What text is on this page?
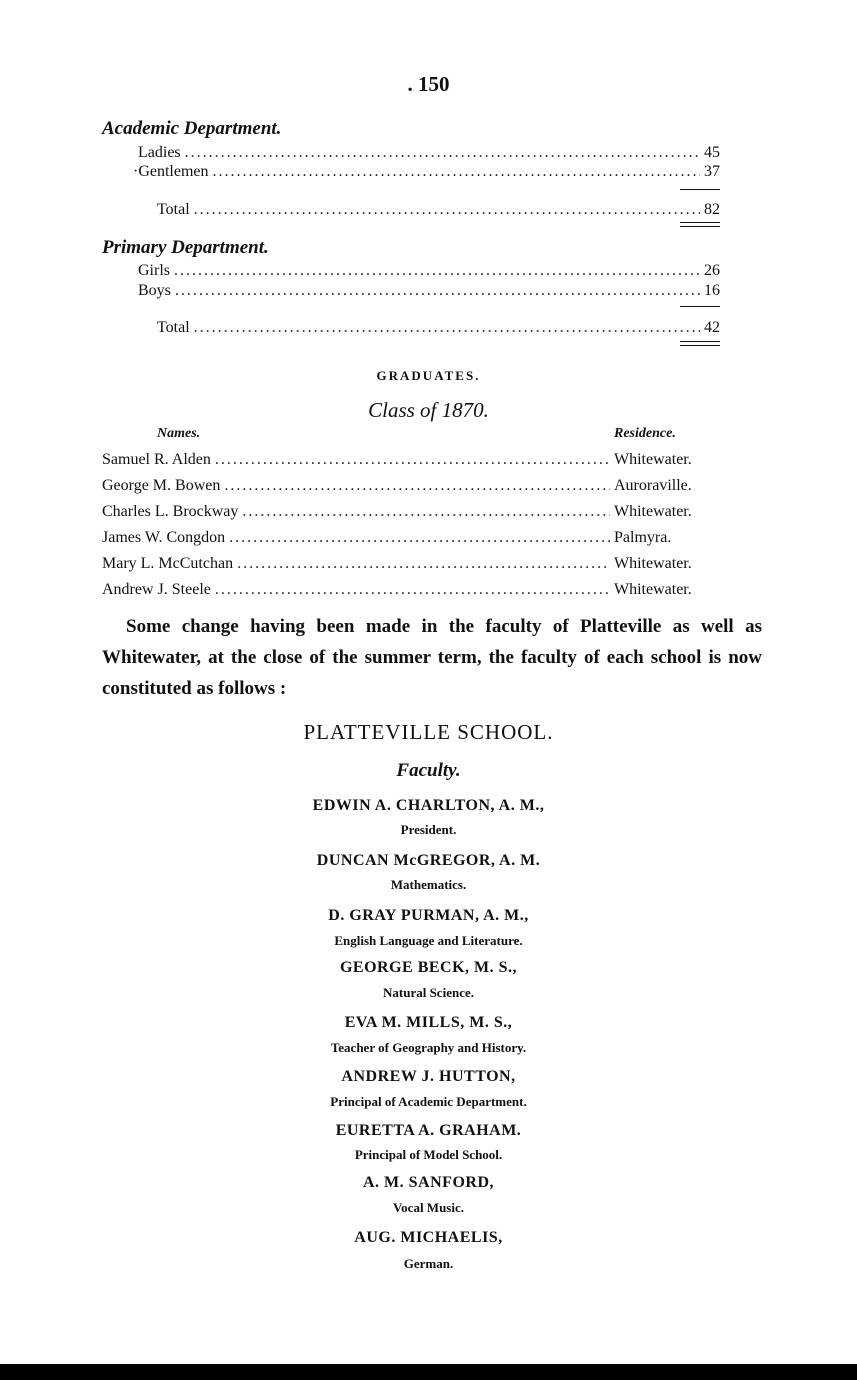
. 150
Academic Department.
Ladies .....	45
·Gentlemen .....	37
Total .....	82
Primary Department.
Girls .....	26
Boys .....	16
Total .....	42
GRADUATES.
Class of 1870.
Names.	Residence.
Samuel R. Alden .....	Whitewater.
George M. Bowen .....	Auroraville.
Charles L. Brockway .....	Whitewater.
James W. Congdon .....	Palmyra.
Mary L. McCutchan .....	Whitewater.
Andrew J. Steele .....	Whitewater.
Some change having been made in the faculty of Platteville as well as Whitewater, at the close of the summer term, the faculty of each school is now constituted as follows :
PLATTEVILLE SCHOOL.
Faculty.
EDWIN A. CHARLTON, A. M.,
President.
DUNCAN McGREGOR, A. M.
Mathematics.
D. GRAY PURMAN, A. M.,
English Language and Literature.
GEORGE BECK, M. S.,
Natural Science.
EVA M. MILLS, M. S.,
Teacher of Geography and History.
ANDREW J. HUTTON,
Principal of Academic Department.
EURETTA A. GRAHAM.
Principal of Model School.
A. M. SANFORD,
Vocal Music.
AUG. MICHAELIS,
German.
